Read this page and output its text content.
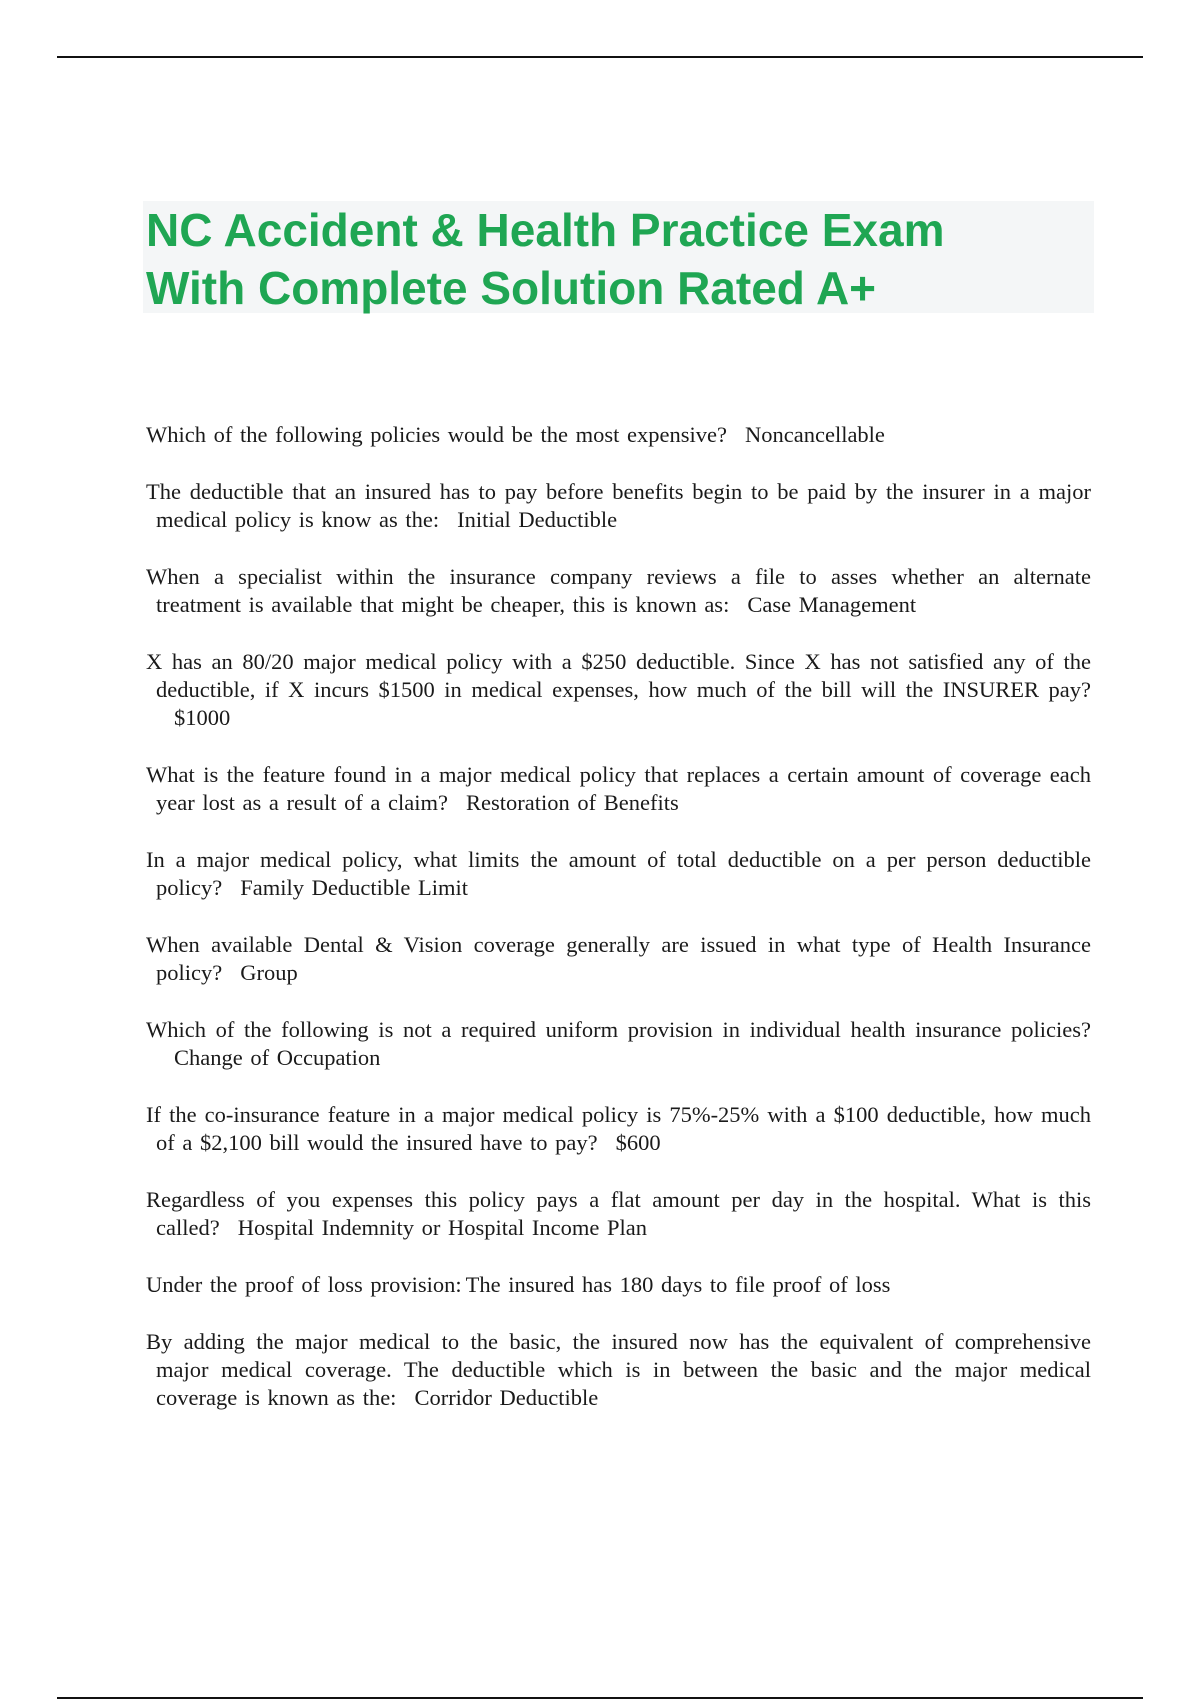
NC Accident & Health Practice Exam
With Complete Solution Rated A+

Which of the following policies would be the most expensive? Noncancellable

The deductible that an insured has to pay before benefits begin to be paid by the insurer in a major medical policy is know as the: Initial Deductible

When a specialist within the insurance company reviews a file to asses whether an alternate treatment is available that might be cheaper, this is known as: Case Management

X has an 80/20 major medical policy with a $250 deductible. Since X has not satisfied any of the deductible, if X incurs $1500 in medical expenses, how much of the bill will the INSURER pay?$1000

What is the feature found in a major medical policy that replaces a certain amount of coverage each year lost as a result of a claim? Restoration of Benefits

In a major medical policy, what limits the amount of total deductible on a per person deductible policy? Family Deductible Limit

When available Dental & Vision coverage generally are issued in what type of Health Insurance policy? Group

Which of the following is not a required uniform provision in individual health insurance policies?Change of Occupation

If the co-insurance feature in a major medical policy is 75%-25% with a $100 deductible, how much of a $2,100 bill would the insured have to pay? $600

Regardless of you expenses this policy pays a flat amount per day in the hospital. What is this called? Hospital Indemnity or Hospital Income Plan

Under the proof of loss provision: The insured has 180 days to file proof of loss

By adding the major medical to the basic, the insured now has the equivalent of comprehensive major medical coverage. The deductible which is in between the basic and the major medical coverage is known as the: Corridor Deductible
